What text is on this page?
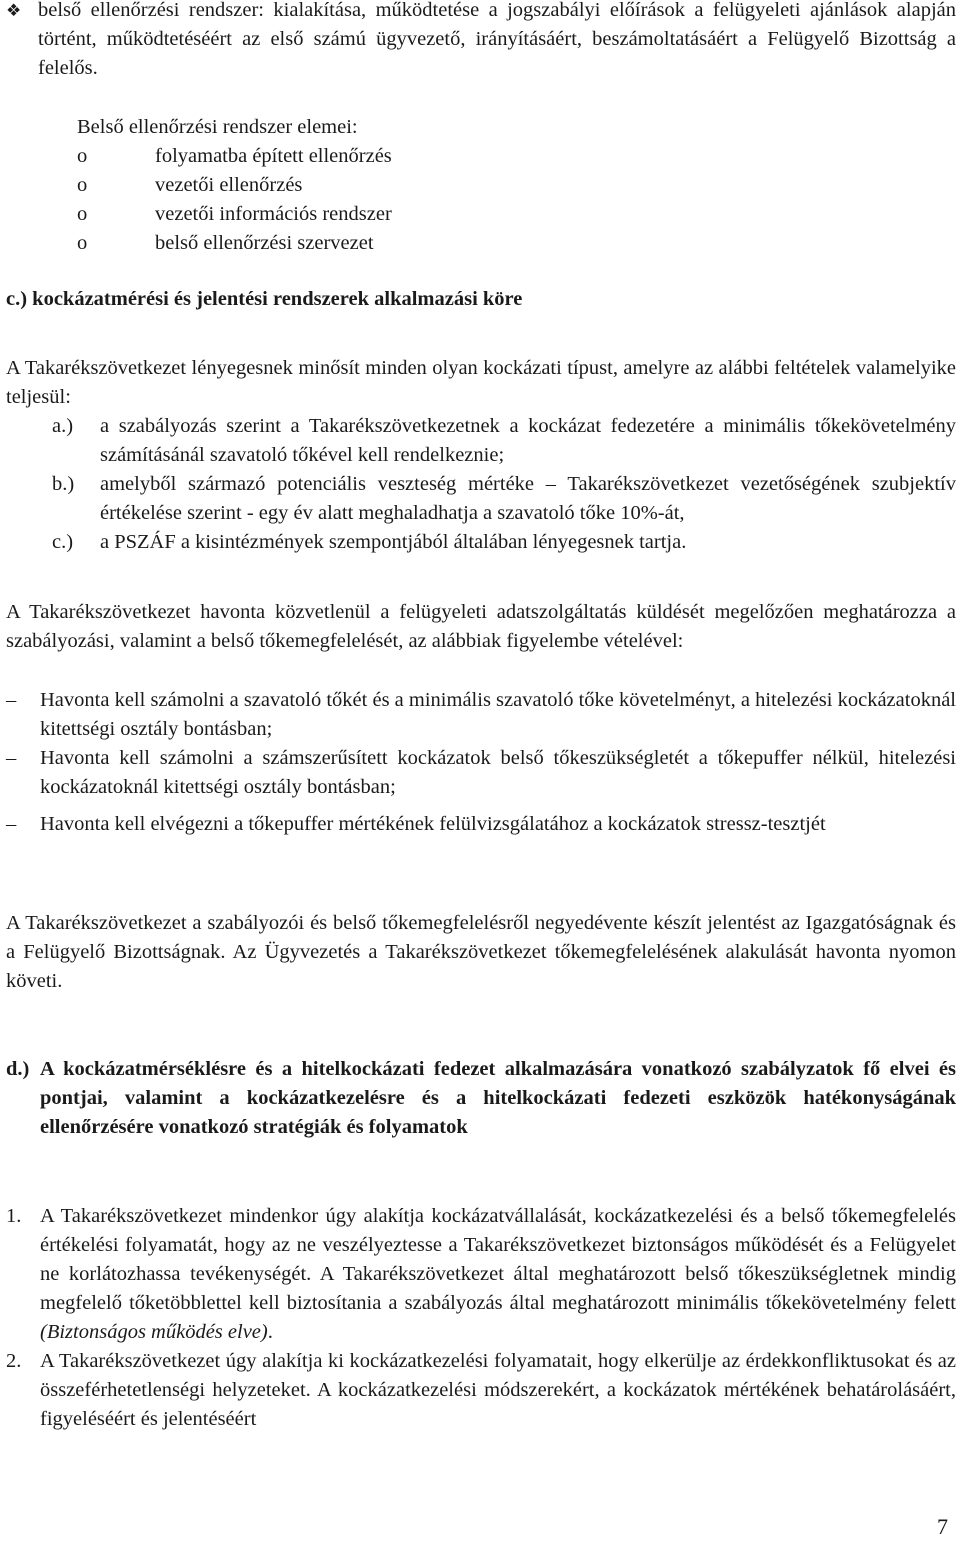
❖ belső ellenőrzési rendszer: kialakítása, működtetése a jogszabályi előírások a felügyeleti ajánlások alapján történt, működtetéséért az első számú ügyvezető, irányításáért, beszámoltatásáért a Felügyelő Bizottság a felelős.
Belső ellenőrzési rendszer elemei:
o	folyamatba épített ellenőrzés
o	vezetői ellenőrzés
o	vezetői információs rendszer
o	belső ellenőrzési szervezet
c.) kockázatmérési és jelentési rendszerek alkalmazási köre
A Takarékszövetkezet lényegesnek minősít minden olyan kockázati típust, amelyre az alábbi feltételek valamelyike teljesül:
a.) a szabályozás szerint a Takarékszövetkezetnek a kockázat fedezetére a minimális tőkekövetelmény számításánál szavatoló tőkével kell rendelkeznie;
b.) amelyből származó potenciális veszteség mértéke – Takarékszövetkezet vezetőségének szubjektív értékelése szerint - egy év alatt meghaladhatja a szavatoló tőke 10%-át,
c.) a PSZÁF a kisintézmények szempontjából általában lényegesnek tartja.
A Takarékszövetkezet havonta közvetlenül a felügyeleti adatszolgáltatás küldését megelőzően meghatározza a szabályozási, valamint a belső tőkemegfelelését, az alábbiak figyelembe vételével:
– Havonta kell számolni a szavatoló tőkét és a minimális szavatoló tőke követelményt, a hitelezési kockázatoknál kitettségi osztály bontásban;
– Havonta kell számolni a számszerűsített kockázatok belső tőkeszükségletét a tőkepuffer nélkül, hitelezési kockázatoknál kitettségi osztály bontásban;
– Havonta kell elvégezni a tőkepuffer mértékének felülvizsgálatához a kockázatok stressz-tesztjét
A Takarékszövetkezet a szabályozói és belső tőkemegfelelésről negyedévente készít jelentést az Igazgatóságnak és a Felügyelő Bizottságnak. Az Ügyvezetés a Takarékszövetkezet tőkemegfelelésének alakulását havonta nyomon követi.
d.) A kockázatmérséklésre és a hitelkockázati fedezet alkalmazására vonatkozó szabályzatok fő elvei és pontjai, valamint a kockázatkezelésre és a hitelkockázati fedezeti eszközök hatékonyságának ellenőrzésére vonatkozó stratégiák és folyamatok
1. A Takarékszövetkezet mindenkor úgy alakítja kockázatvállalását, kockázatkezelési és a belső tőkemegfelelés értékelési folyamatát, hogy az ne veszélyeztesse a Takarékszövetkezet biztonságos működését és a Felügyelet ne korlátozhassa tevékenységét. A Takarékszövetkezet által meghatározott belső tőkeszükségletnek mindig megfelelő tőketöbblettel kell biztosítania a szabályozás által meghatározott minimális tőkekövetelmény felett (Biztonságos működés elve).
2. A Takarékszövetkezet úgy alakítja ki kockázatkezelési folyamatait, hogy elkerülje az érdekkonfliktusokat és az összeférhetetlenségi helyzeteket. A kockázatkezelési módszerekért, a kockázatok mértékének behatárolásáért, figyeléséért és jelentéséért
7
